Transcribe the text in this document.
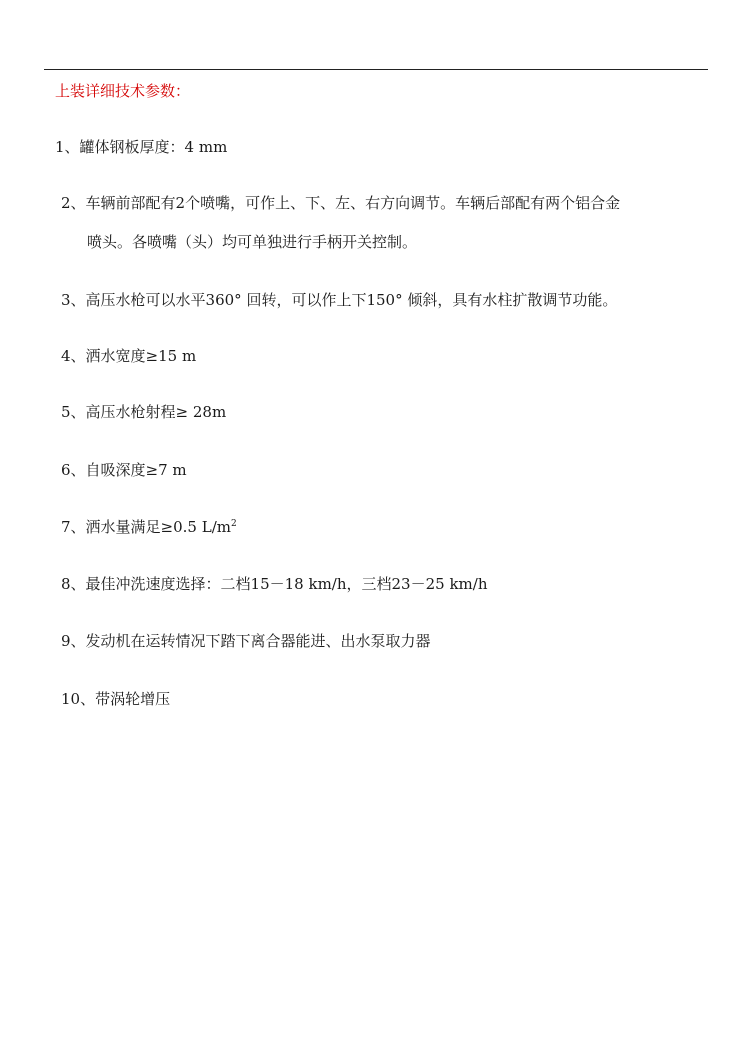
上装详细技术参数：
1、罐体钢板厚度：4 mm
2、车辆前部配有2个喷嘴，可作上、下、左、右方向调节。车辆后部配有两个铝合金
喷头。各喷嘴（头）均可单独进行手柄开关控制。
3、高压水枪可以水平360° 回转，可以作上下150° 倾斜，具有水柱扩散调节功能。
4、洒水宽度≥15 m
5、高压水枪射程≥ 28m
6、自吸深度≥7 m
7、洒水量满足≥0.5 $L/m^2$
8、最佳冲洗速度选择：二档15－18 km/h，三档23－25 km/h
9、发动机在运转情况下踏下离合器能进、出水泵取力器
10、带涡轮增压
